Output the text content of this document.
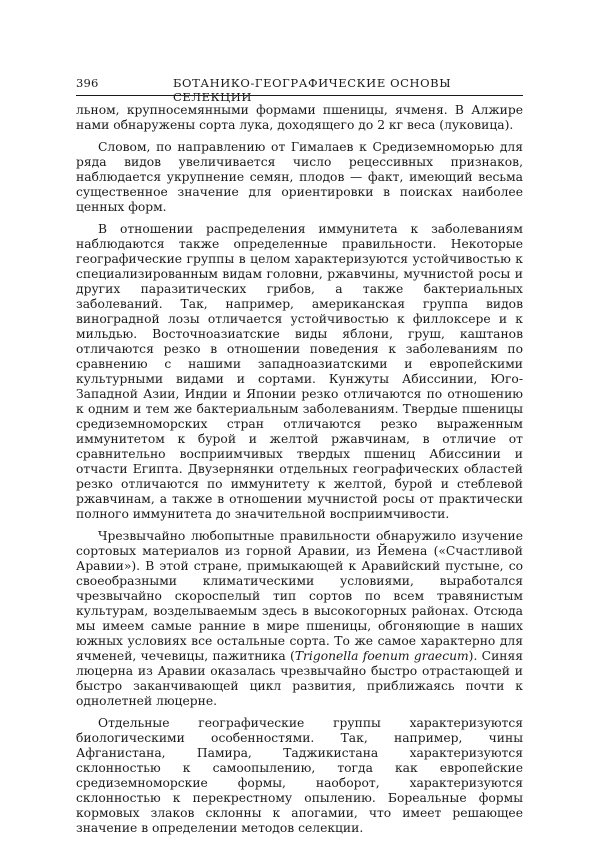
396	БОТАНИКО-ГЕОГРАФИЧЕСКИЕ ОСНОВЫ СЕЛЕКЦИИ

льном, крупносемянными формами пшеницы, ячменя. В Алжире нами обнаружены сорта лука, доходящего до 2 кг веса (луковица).

Словом, по направлению от Гималаев к Средиземноморью для ряда видов увеличивается число рецессивных признаков, наблюдается укрупнение семян, плодов — факт, имеющий весьма существенное значение для ориентировки в поисках наиболее ценных форм.

В отношении распределения иммунитета к заболеваниям наблюдаются также определенные правильности. Некоторые географические группы в целом характеризуются устойчивостью к специализированным видам головни, ржавчины, мучнистой росы и других паразитических грибов, а также бактериальных заболеваний. Так, например, американская группа видов виноградной лозы отличается устойчивостью к филлоксере и к мильдью. Восточноазиатские виды яблони, груш, каштанов отличаются резко в отношении поведения к заболеваниям по сравнению с нашими западноазиатскими и европейскими культурными видами и сортами. Кунжуты Абиссинии, Юго-Западной Азии, Индии и Японии резко отличаются по отношению к одним и тем же бактериальным заболеваниям. Твердые пшеницы средиземноморских стран отличаются резко выраженным иммунитетом к бурой и желтой ржавчинам, в отличие от сравнительно восприимчивых твердых пшениц Абиссинии и отчасти Египта. Двузернянки отдельных географических областей резко отличаются по иммунитету к желтой, бурой и стеблевой ржавчинам, а также в отношении мучнистой росы от практически полного иммунитета до значительной восприимчивости.

Чрезвычайно любопытные правильности обнаружило изучение сортовых материалов из горной Аравии, из Йемена («Счастливой Аравии»). В этой стране, примыкающей к Аравийский пустыне, со своеобразными климатическими условиями, выработался чрезвычайно скороспелый тип сортов по всем травянистым культурам, возделываемым здесь в высокогорных районах. Отсюда мы имеем самые ранние в мире пшеницы, обгоняющие в наших южных условиях все остальные сорта. То же самое характерно для ячменей, чечевицы, пажитника (Trigonella foenum graecum). Синяя люцерна из Аравии оказалась чрезвычайно быстро отрастающей и быстро заканчивающей цикл развития, приближаясь почти к однолетней люцерне.

Отдельные географические группы характеризуются биологическими особенностями. Так, например, чины Афганистана, Памира, Таджикистана характеризуются склонностью к самоопылению, тогда как европейские средиземноморские формы, наоборот, характеризуются склонностью к перекрестному опылению. Бореальные формы кормовых злаков склонны к апогамии, что имеет решающее значение в определении методов селекции.
